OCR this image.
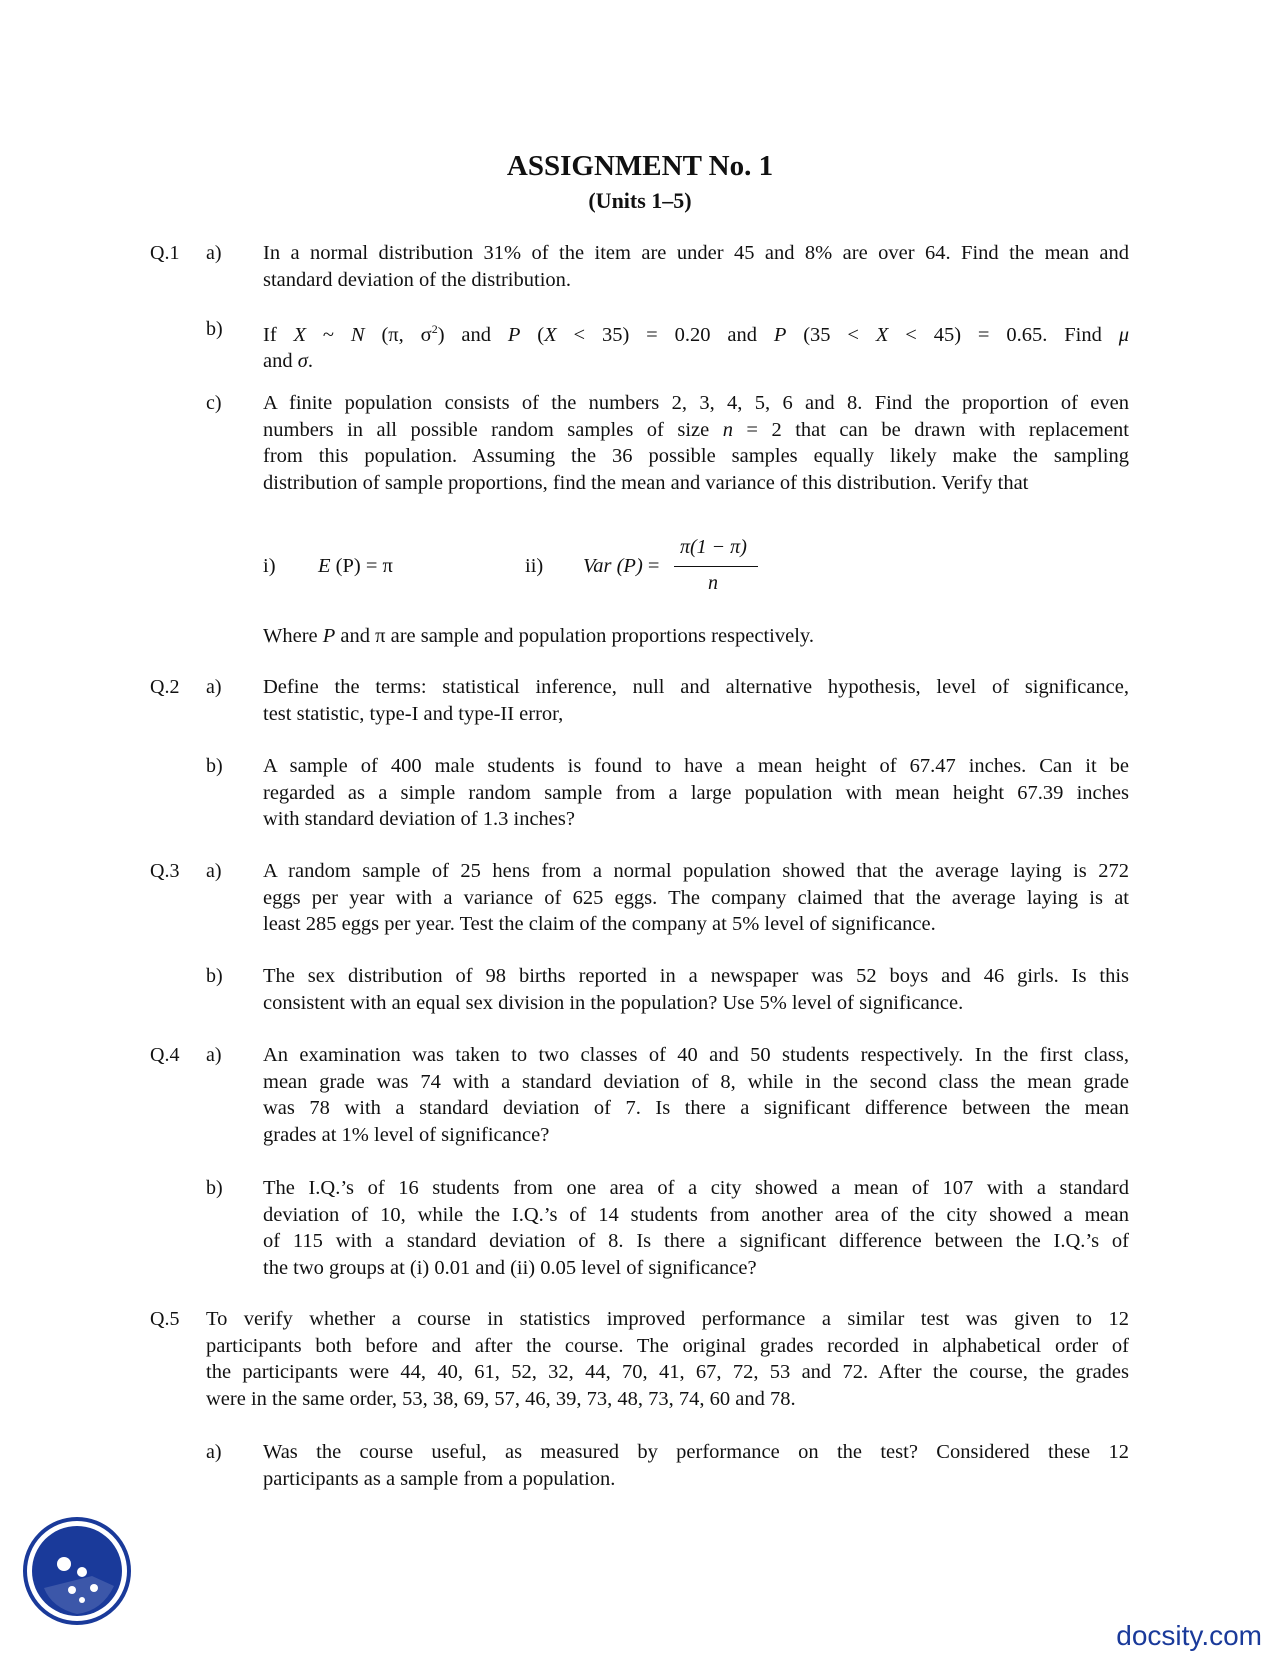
ASSIGNMENT No. 1
(Units 1–5)
Q.1 a) In a normal distribution 31% of the item are under 45 and 8% are over 64. Find the mean and
standard deviation of the distribution.
b) If X ~ N (π, $\sigma^2$) and P (X < 35) = 0.20 and P (35 < X < 45) = 0.65. Find μ
and σ.
c) A finite population consists of the numbers 2, 3, 4, 5, 6 and 8. Find the proportion of even
numbers in all possible random samples of size n = 2 that can be drawn with replacement
from this population. Assuming the 36 possible samples equally likely make the sampling
distribution of sample proportions, find the mean and variance of this distribution. Verify that
i) E (P) = π	ii) Var (P) =
π(1 − π)
n
Where P and π are sample and population proportions respectively.
Q.2 a) Define the terms: statistical inference, null and alternative hypothesis, level of significance,
test statistic, type-I and type-II error,
b) A sample of 400 male students is found to have a mean height of 67.47 inches. Can it be
regarded as a simple random sample from a large population with mean height 67.39 inches
with standard deviation of 1.3 inches?
Q.3 a) A random sample of 25 hens from a normal population showed that the average laying is 272
eggs per year with a variance of 625 eggs. The company claimed that the average laying is at
least 285 eggs per year. Test the claim of the company at 5% level of significance.
b) The sex distribution of 98 births reported in a newspaper was 52 boys and 46 girls. Is this
consistent with an equal sex division in the population? Use 5% level of significance.
Q.4 a) An examination was taken to two classes of 40 and 50 students respectively. In the first class,
mean grade was 74 with a standard deviation of 8, while in the second class the mean grade
was 78 with a standard deviation of 7. Is there a significant difference between the mean
grades at 1% level of significance?
b) The I.Q.’s of 16 students from one area of a city showed a mean of 107 with a standard
deviation of 10, while the I.Q.’s of 14 students from another area of the city showed a mean
of 115 with a standard deviation of 8. Is there a significant difference between the I.Q.’s of
the two groups at (i) 0.01 and (ii) 0.05 level of significance?
Q.5 To verify whether a course in statistics improved performance a similar test was given to 12
participants both before and after the course. The original grades recorded in alphabetical order of
the participants were 44, 40, 61, 52, 32, 44, 70, 41, 67, 72, 53 and 72. After the course, the grades
were in the same order, 53, 38, 69, 57, 46, 39, 73, 48, 73, 74, 60 and 78.
a) Was the course useful, as measured by performance on the test? Considered these 12
participants as a sample from a population.
docsity.com
